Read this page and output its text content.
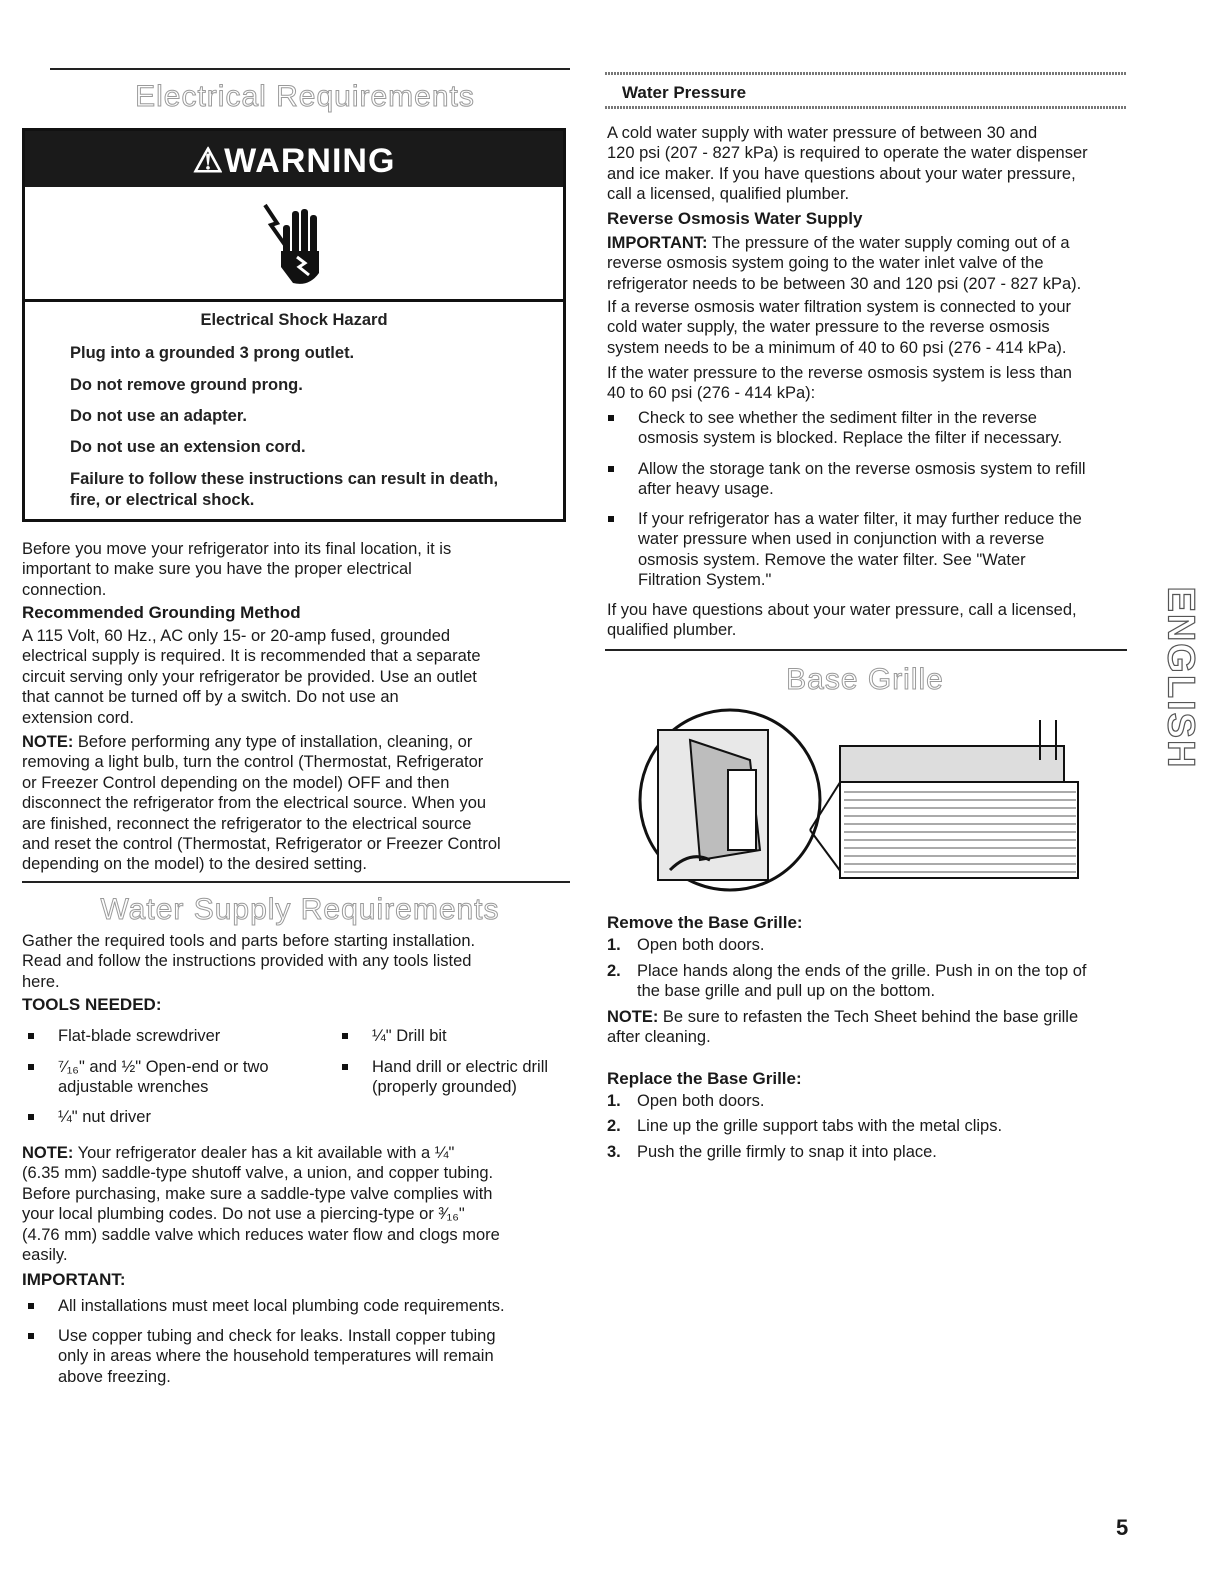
Electrical Requirements
⚠WARNING
Electrical Shock Hazard
Plug into a grounded 3 prong outlet.
Do not remove ground prong.
Do not use an adapter.
Do not use an extension cord.
Failure to follow these instructions can result in death,
fire, or electrical shock.
Before you move your refrigerator into its final location, it is
important to make sure you have the proper electrical
connection.
Recommended Grounding Method
A 115 Volt, 60 Hz., AC only 15- or 20-amp fused, grounded
electrical supply is required. It is recommended that a separate
circuit serving only your refrigerator be provided. Use an outlet
that cannot be turned off by a switch. Do not use an
extension cord.
NOTE: Before performing any type of installation, cleaning, or
removing a light bulb, turn the control (Thermostat, Refrigerator
or Freezer Control depending on the model) OFF and then
disconnect the refrigerator from the electrical source. When you
are finished, reconnect the refrigerator to the electrical source
and reset the control (Thermostat, Refrigerator or Freezer Control
depending on the model) to the desired setting.
Water Supply Requirements
Gather the required tools and parts before starting installation.
Read and follow the instructions provided with any tools listed
here.
TOOLS NEEDED:
Flat-blade screwdriver
⁷⁄₁₆" and ½" Open-end or two
adjustable wrenches
¼" nut driver
¼" Drill bit
Hand drill or electric drill
(properly grounded)
NOTE: Your refrigerator dealer has a kit available with a ¼"
(6.35 mm) saddle-type shutoff valve, a union, and copper tubing.
Before purchasing, make sure a saddle-type valve complies with
your local plumbing codes. Do not use a piercing-type or ³⁄₁₆"
(4.76 mm) saddle valve which reduces water flow and clogs more
easily.
IMPORTANT:
All installations must meet local plumbing code requirements.
Use copper tubing and check for leaks. Install copper tubing
only in areas where the household temperatures will remain
above freezing.
Water Pressure
A cold water supply with water pressure of between 30 and
120 psi (207 - 827 kPa) is required to operate the water dispenser
and ice maker. If you have questions about your water pressure,
call a licensed, qualified plumber.
Reverse Osmosis Water Supply
IMPORTANT: The pressure of the water supply coming out of a
reverse osmosis system going to the water inlet valve of the
refrigerator needs to be between 30 and 120 psi (207 - 827 kPa).
If a reverse osmosis water filtration system is connected to your
cold water supply, the water pressure to the reverse osmosis
system needs to be a minimum of 40 to 60 psi (276 - 414 kPa).
If the water pressure to the reverse osmosis system is less than
40 to 60 psi (276 - 414 kPa):
Check to see whether the sediment filter in the reverse
osmosis system is blocked. Replace the filter if necessary.
Allow the storage tank on the reverse osmosis system to refill
after heavy usage.
If your refrigerator has a water filter, it may further reduce the
water pressure when used in conjunction with a reverse
osmosis system. Remove the water filter. See "Water
Filtration System."
If you have questions about your water pressure, call a licensed,
qualified plumber.
Base Grille
Remove the Base Grille:
1. Open both doors.
2. Place hands along the ends of the grille. Push in on the top of
the base grille and pull up on the bottom.
NOTE: Be sure to refasten the Tech Sheet behind the base grille
after cleaning.
Replace the Base Grille:
1. Open both doors.
2. Line up the grille support tabs with the metal clips.
3. Push the grille firmly to snap it into place.
ENGLISH
5
